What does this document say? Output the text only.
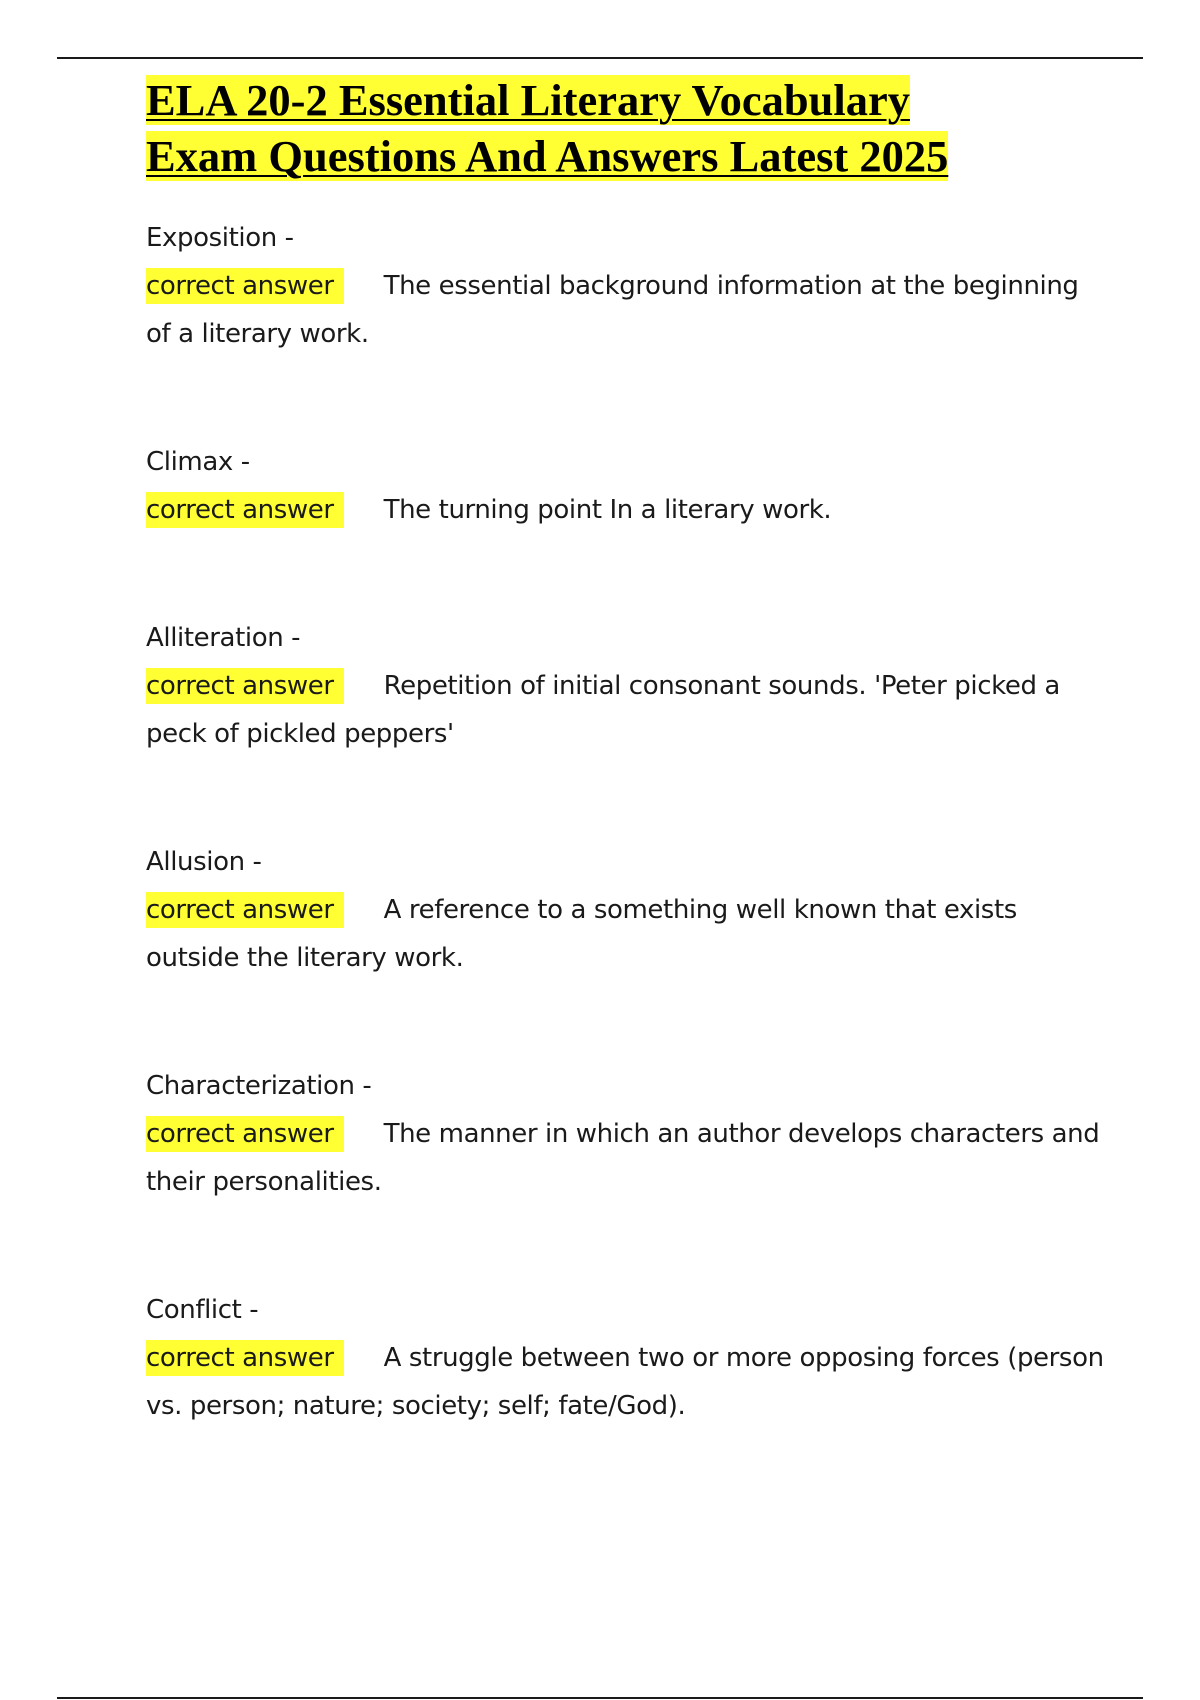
ELA 20-2 Essential Literary Vocabulary
Exam Questions And Answers Latest 2025
Exposition -
correct answer The essential background information at the beginning of a literary work.
Climax -
correct answer The turning point In a literary work.
Alliteration -
correct answer Repetition of initial consonant sounds. 'Peter picked a peck of pickled peppers'
Allusion -
correct answer A reference to a something well known that exists outside the literary work.
Characterization -
correct answer The manner in which an author develops characters and their personalities.
Conflict -
correct answer A struggle between two or more opposing forces (person vs. person; nature; society; self; fate/God).
